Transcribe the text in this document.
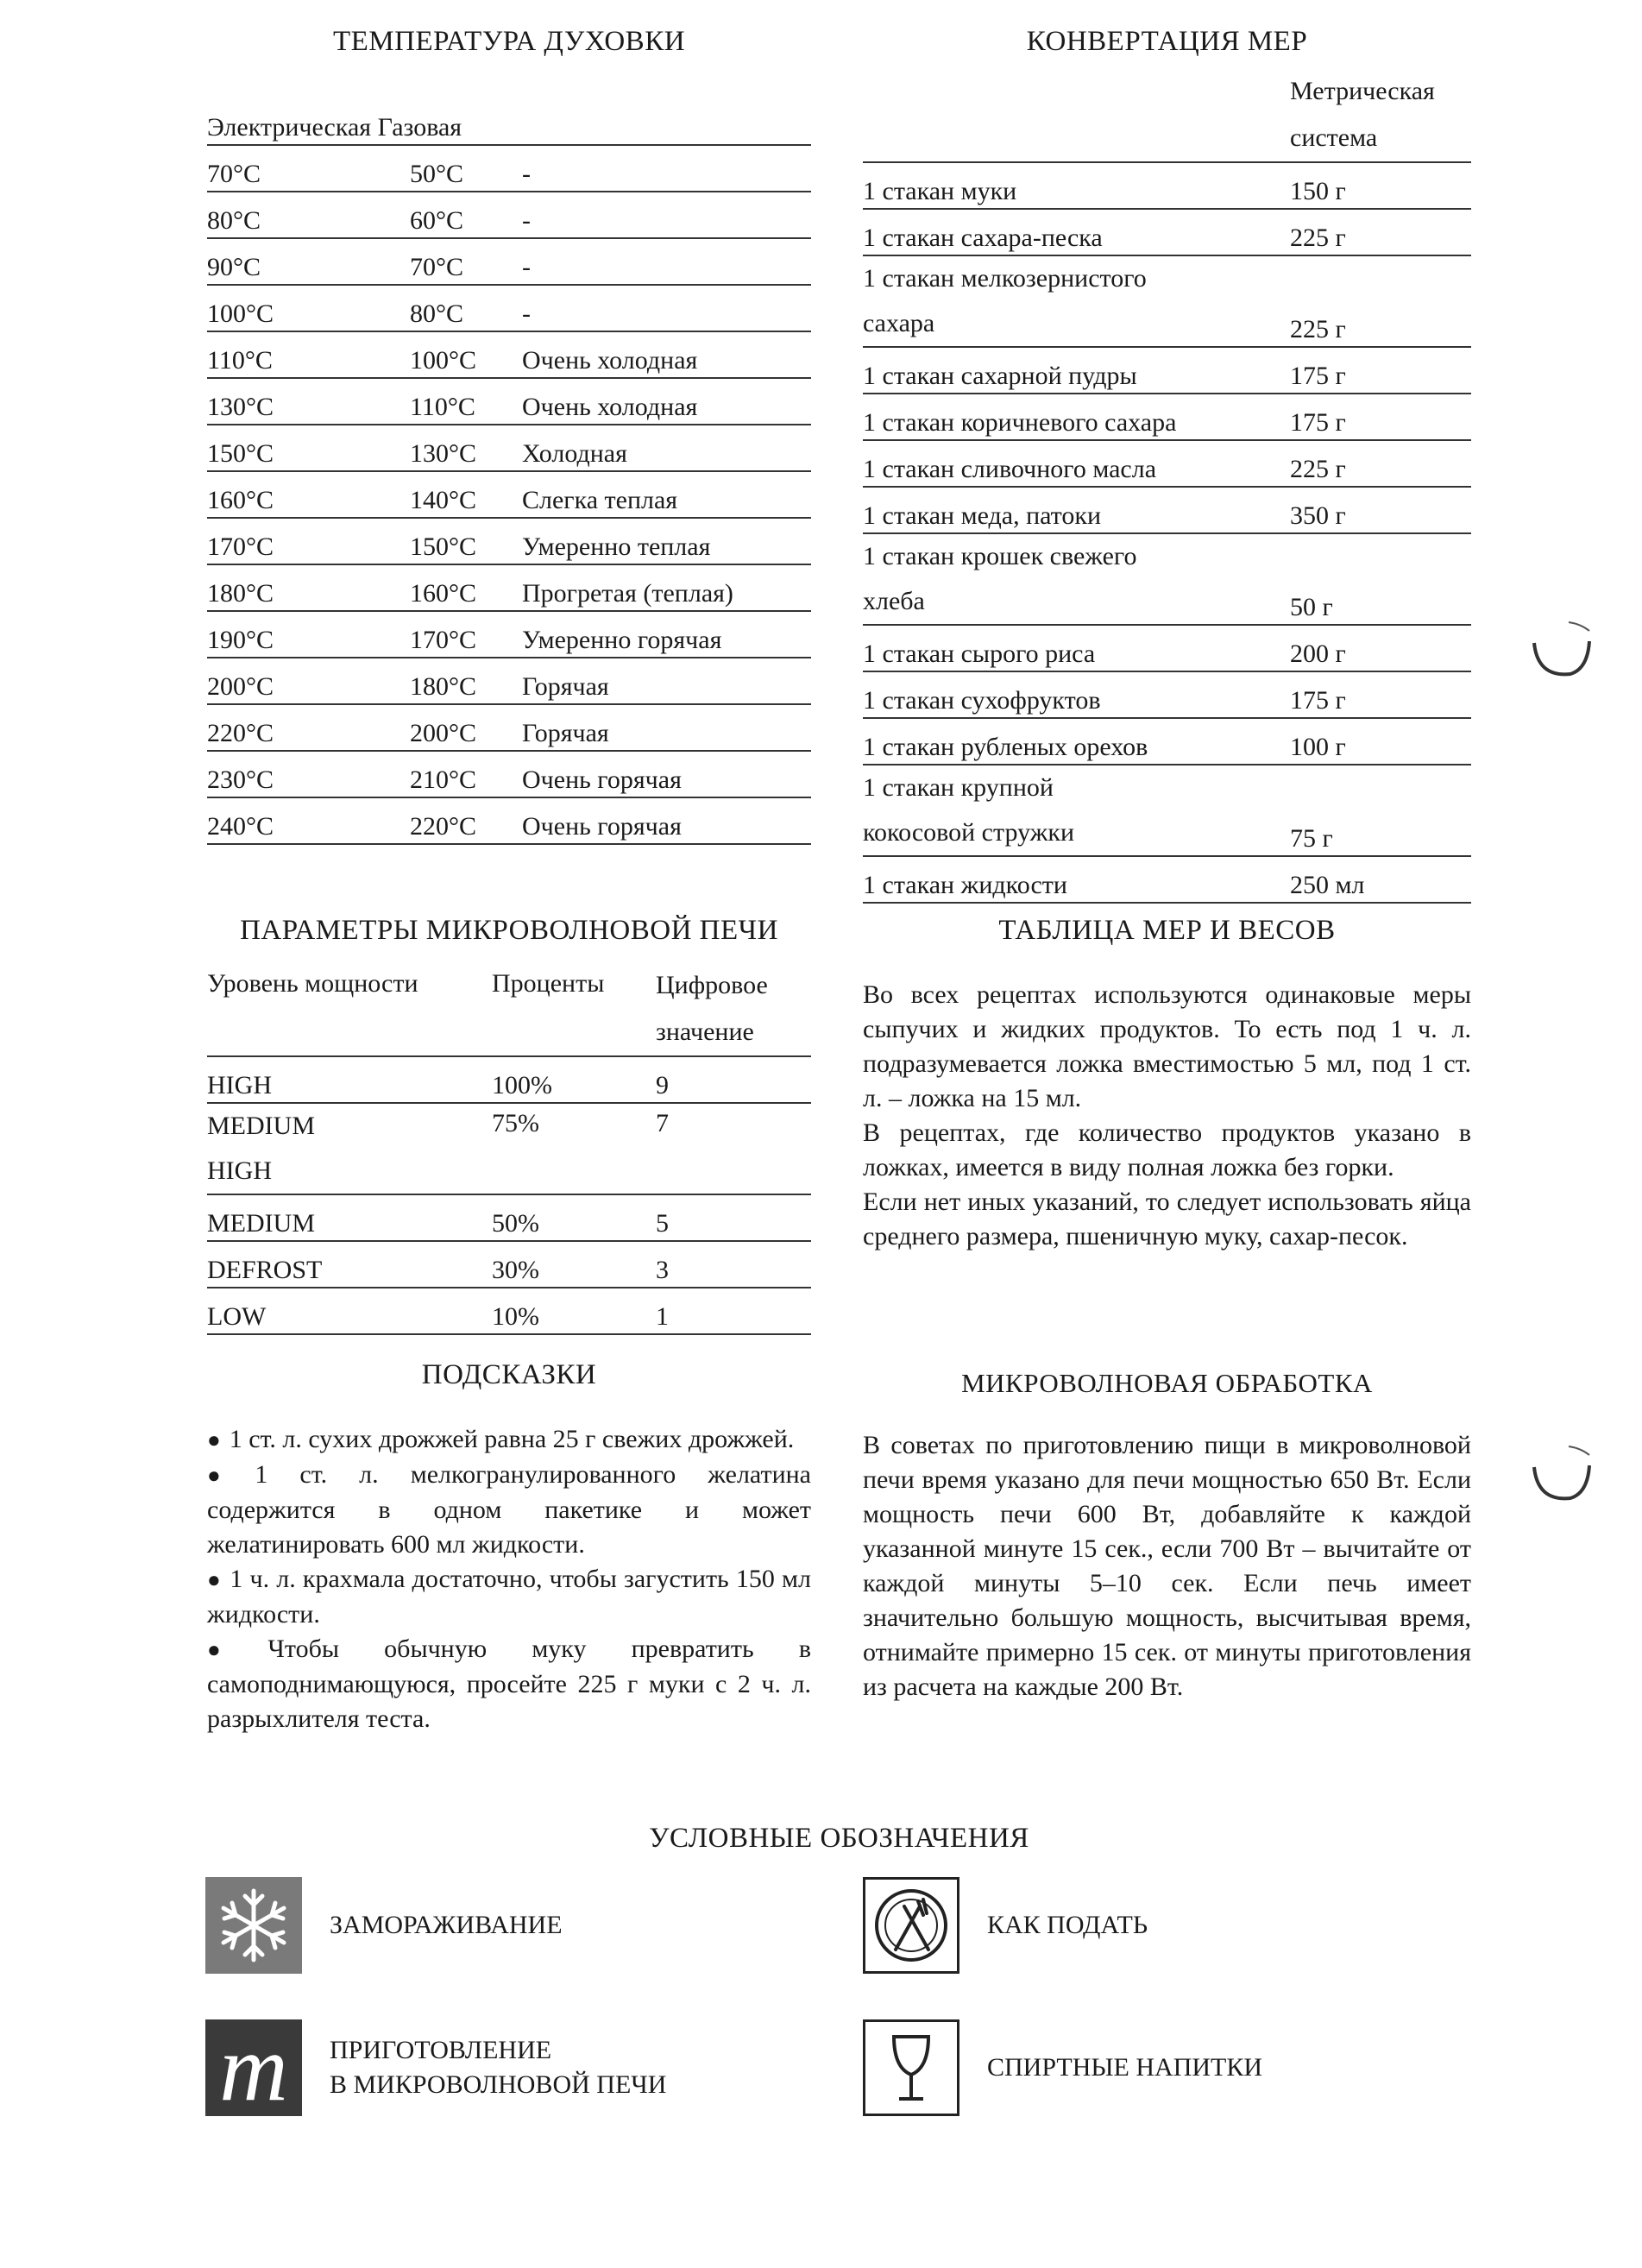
ТЕМПЕРАТУРА ДУХОВКИ
Электрическая Газовая		
70°C	50°C	-
80°C	60°C	-
90°C	70°C	-
100°C	80°C	-
110°C	100°C	Очень холодная
130°C	110°C	Очень холодная
150°C	130°C	Холодная
160°C	140°C	Слегка теплая
170°C	150°C	Умеренно теплая
180°C	160°C	Прогретая (теплая)
190°C	170°C	Умеренно горячая
200°C	180°C	Горячая
220°C	200°C	Горячая
230°C	210°C	Очень горячая
240°C	220°C	Очень горячая
КОНВЕРТАЦИЯ МЕР

	Метрическая
система

1 стакан муки	150 г
1 стакан сахара-песка	225 г

1 стакан мелкозернистого
сахара	225 г
1 стакан сахарной пудры	175 г
1 стакан коричневого сахара	175 г
1 стакан сливочного масла	225 г
1 стакан меда, патоки	350 г

1 стакан крошек свежего
хлеба	50 г
1 стакан сырого риса	200 г
1 стакан сухофруктов	175 г
1 стакан рубленых орехов	100 г

1 стакан крупной
кокосовой стружки	75 г
1 стакан жидкости	250 мл
ПАРАМЕТРЫ МИКРОВОЛНОВОЙ ПЕЧИ
Уровень мощности	Проценты	Цифровое
значение

HIGH	100%	9

MEDIUM
HIGH	75%	7
MEDIUM	50%	5
DEFROST	30%	3
LOW	10%	1
ТАБЛИЦА МЕР И ВЕСОВ

Во всех рецептах используются одинаковые меры сыпучих и жидких продуктов. То есть под 1 ч. л. подразумевается ложка вместимостью 5 мл, под 1 ст. л. – ложка на 15 мл.

В рецептах, где количество продуктов указано в ложках, имеется в виду полная ложка без горки.

Если нет иных указаний, то следует использовать яйца среднего размера, пшеничную муку, сахар-песок.

ПОДСКАЗКИ

● 1 ст. л. сухих дрожжей равна 25 г свежих дрожжей.

● 1 ст. л. мелкогранулированного желатина содержится в одном пакетике и может желатинировать 600 мл жидкости.

● 1 ч. л. крахмала достаточно, чтобы загустить 150 мл жидкости.

● Чтобы обычную муку превратить в самоподнимающуюся, просейте 225 г муки с 2 ч. л. разрыхлителя теста.

МИКРОВОЛНОВАЯ ОБРАБОТКА

В советах по приготовлению пищи в микроволновой печи время указано для печи мощностью 650 Вт. Если мощность печи 600 Вт, добавляйте к каждой указанной минуте 15 сек., если 700 Вт – вычитайте от каждой минуты 5–10 сек. Если печь имеет значительно большую мощность, высчитывая время, отнимайте примерно 15 сек. от минуты приготовления из расчета на каждые 200 Вт.

УСЛОВНЫЕ ОБОЗНАЧЕНИЯ
ЗАМОРАЖИВАНИЕ	КАК ПОДАТЬ
m ПРИГОТОВЛЕНИЕ
В МИКРОВОЛНОВОЙ ПЕЧИ
СПИРТНЫЕ НАПИТКИ
